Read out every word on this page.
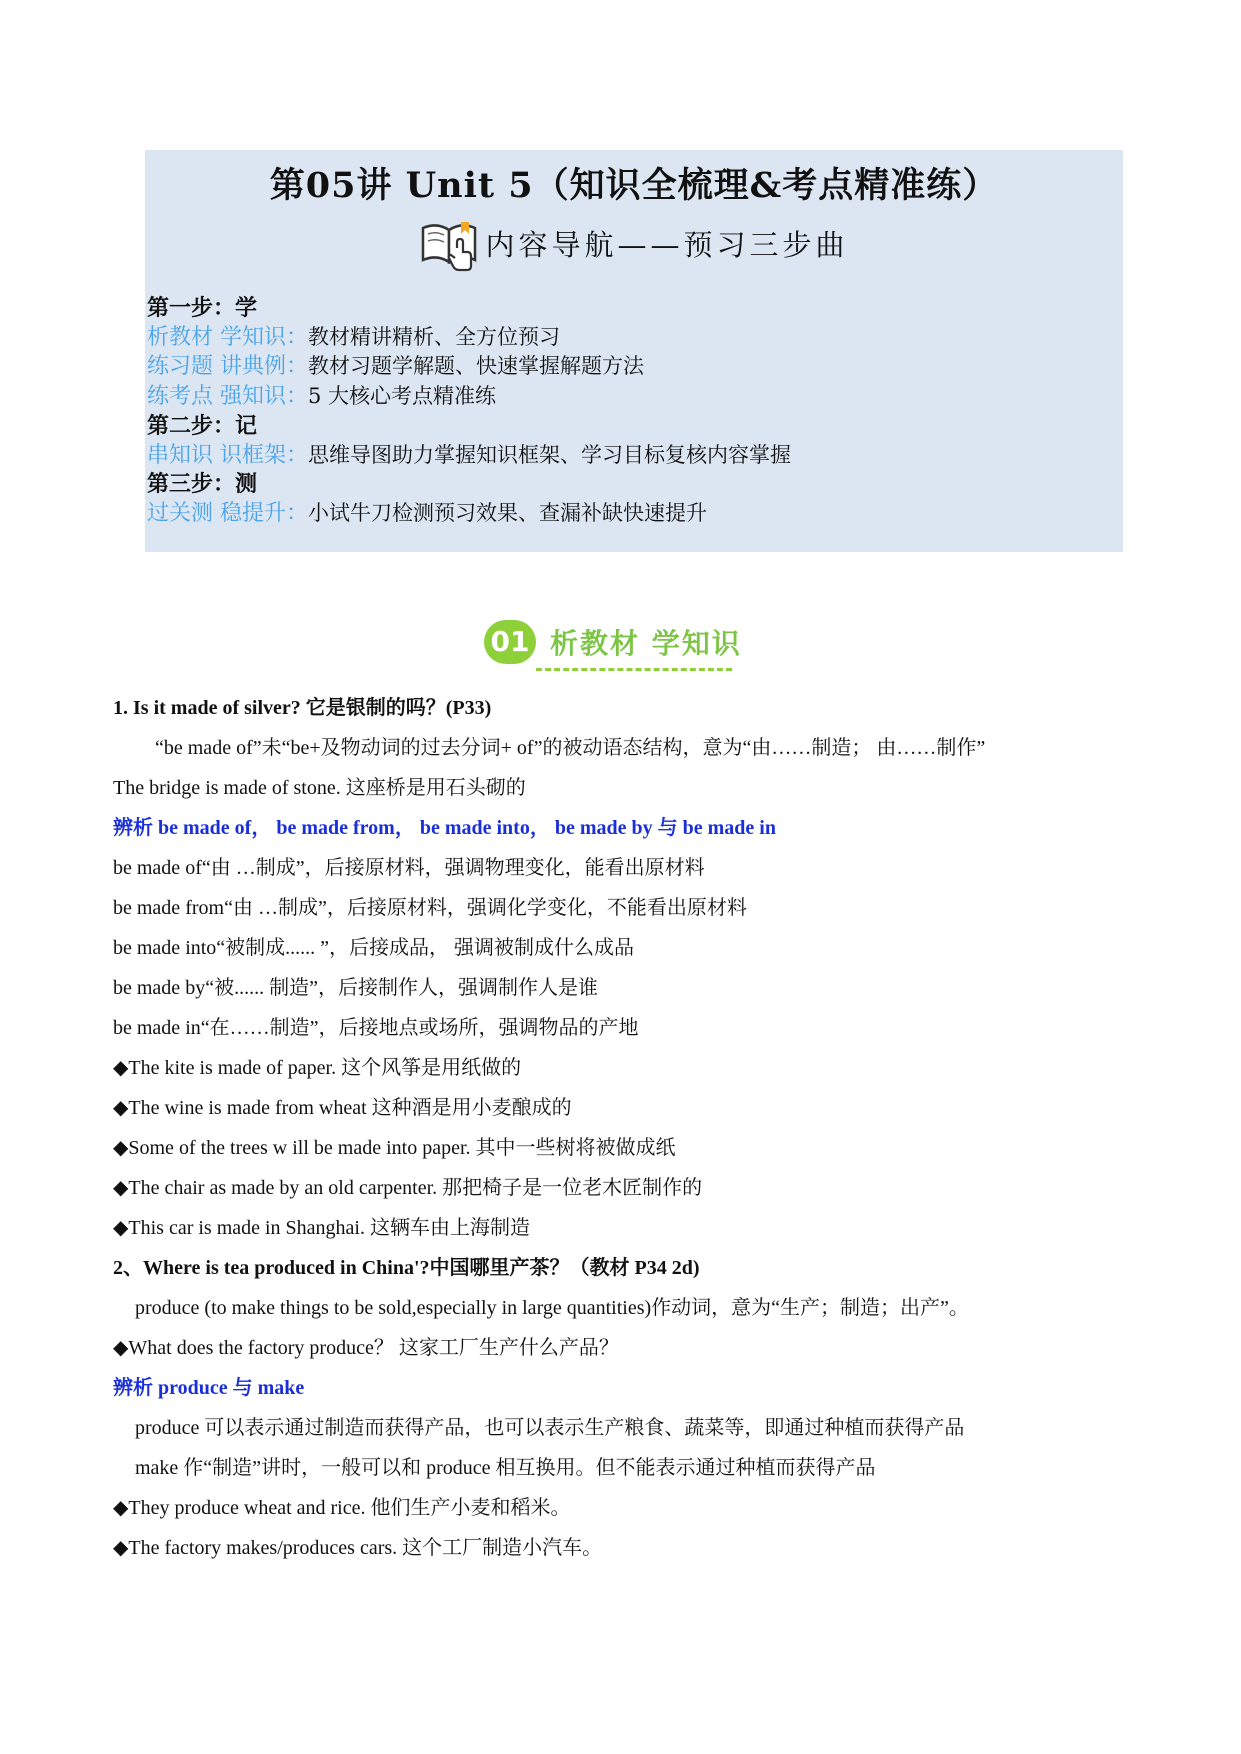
第05讲 Unit 5（知识全梳理&考点精准练）
内容导航——预习三步曲
第一步：学
析教材 学知识：教材精讲精析、全方位预习
练习题 讲典例：教材习题学解题、快速掌握解题方法
练考点 强知识：5 大核心考点精准练
第二步：记
串知识 识框架：思维导图助力掌握知识框架、学习目标复核内容掌握
第三步：测
过关测 稳提升：小试牛刀检测预习效果、查漏补缺快速提升
01 析教材 学知识
1. Is it made of silver? 它是银制的吗？(P33)
“be made of”未“be+及物动词的过去分词+ of”的被动语态结构，意为“由……制造； 由……制作”
The bridge is made of stone. 这座桥是用石头砌的
辨析 be made of， be made from， be made into， be made by 与 be made in
be made of“由 …制成”，后接原材料，强调物理变化，能看出原材料
be made from“由 …制成”，后接原材料，强调化学变化，不能看出原材料
be made into“被制成...... ”，后接成品， 强调被制成什么成品
be made by“被...... 制造”，后接制作人，强调制作人是谁
be made in“在……制造”，后接地点或场所，强调物品的产地
◆The kite is made of paper. 这个风筝是用纸做的
◆The wine is made from wheat 这种酒是用小麦酿成的
◆Some of the trees w ill be made into paper. 其中一些树将被做成纸
◆The chair as made by an old carpenter. 那把椅子是一位老木匠制作的
◆This car is made in Shanghai. 这辆车由上海制造
2、Where is tea produced in China'?中国哪里产茶？（教材 P34 2d)
produce (to make things to be sold,especially in large quantities)作动词，意为“生产；制造；出产”。
◆What does the factory produce？ 这家工厂生产什么产品？
辨析 produce 与 make
produce 可以表示通过制造而获得产品，也可以表示生产粮食、蔬菜等，即通过种植而获得产品
make 作“制造”讲时，一般可以和 produce 相互换用。但不能表示通过种植而获得产品
◆They produce wheat and rice. 他们生产小麦和稻米。
◆The factory makes/produces cars. 这个工厂制造小汽车。
